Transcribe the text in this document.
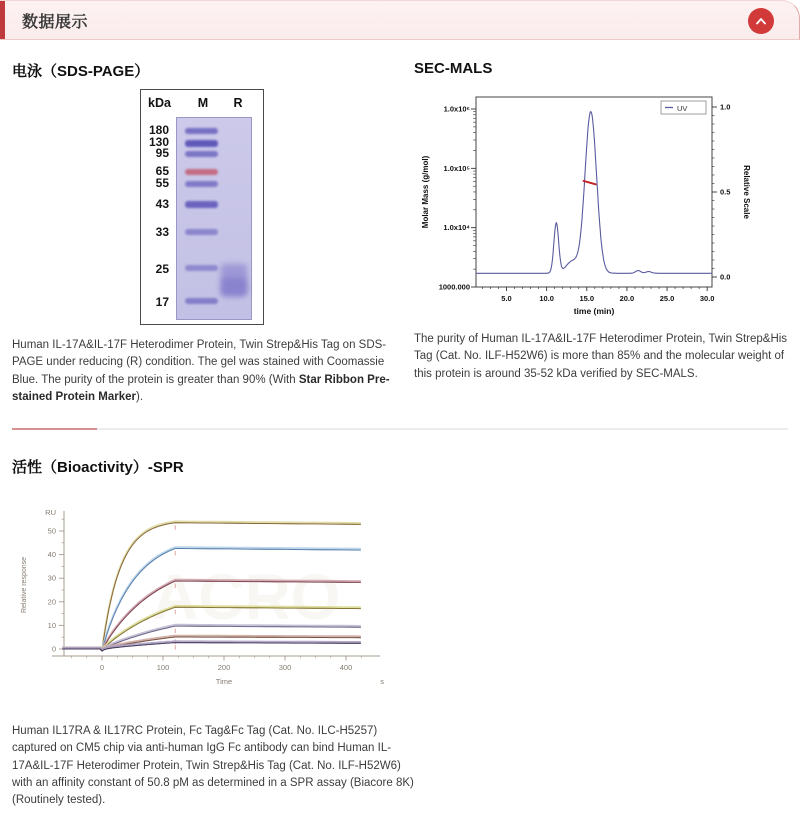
数据展示
电泳（SDS-PAGE）
kDa	M	R
180
130
95
65
55
43
33
25
17

Human IL-17A&IL-17F Heterodimer Protein, Twin Strep&His Tag on SDS-PAGE under reducing (R) condition. The gel was stained with Coomassie Blue. The purity of the protein is greater than 90% (With Star Ribbon Pre-stained Protein Marker).

SEC-MALS
5.0	10.0	15.0	20.0	25.0	30.0
time (min)
1.0x10⁶
1.0x10⁵
1.0x10⁴
1000.000
1.0
0.5
0.0
Molar Mass (g/mol)	Relative Scale
UV

The purity of Human IL-17A&IL-17F Heterodimer Protein, Twin Strep&His Tag (Cat. No. ILF-H52W6) is more than 85% and the molecular weight of this protein is around 35-52 kDa verified by SEC-MALS.

活性（Bioactivity）-SPR
ACRO
0
10
20
30
40
50
0	100	200	300	400
RU
Relative response
Time	s

Human IL17RA & IL17RC Protein, Fc Tag&Fc Tag (Cat. No. ILC-H5257) captured on CM5 chip via anti-human IgG Fc antibody can bind Human IL-17A&IL-17F Heterodimer Protein, Twin Strep&His Tag (Cat. No. ILF-H52W6) with an affinity constant of 50.8 pM as determined in a SPR assay (Biacore 8K) (Routinely tested).
